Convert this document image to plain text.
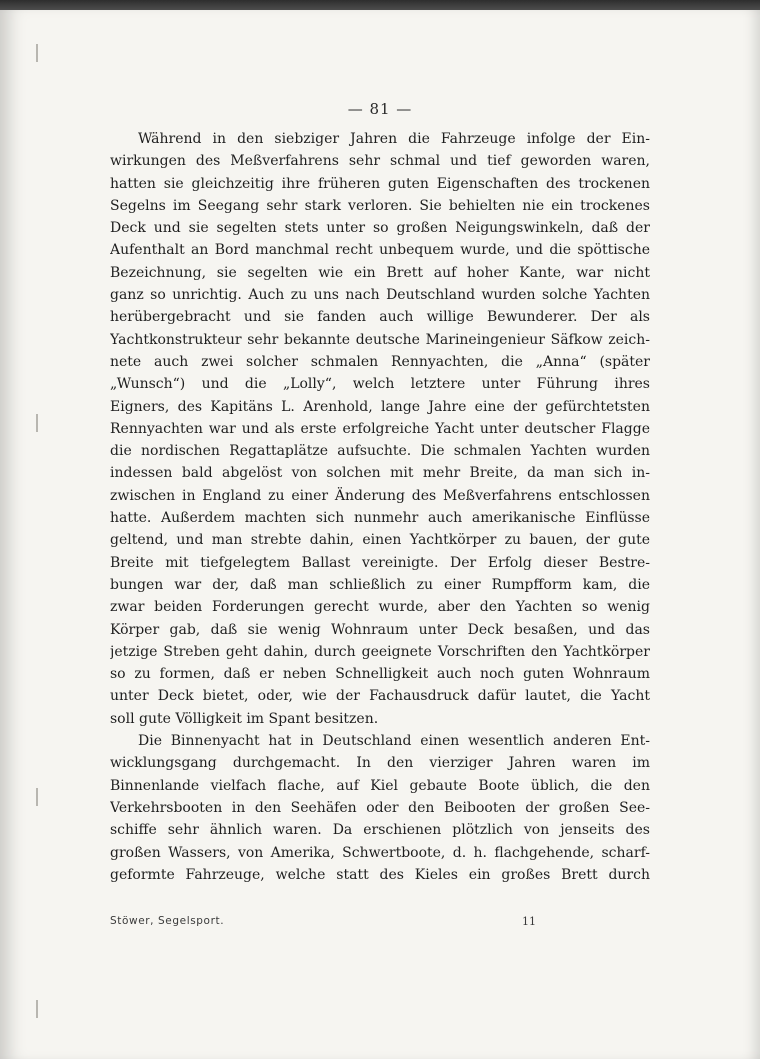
— 81 —
Während in den siebziger Jahren die Fahrzeuge infolge der Ein-
wirkungen des Meßverfahrens sehr schmal und tief geworden waren,
hatten sie gleichzeitig ihre früheren guten Eigenschaften des trockenen
Segelns im Seegang sehr stark verloren. Sie behielten nie ein trockenes
Deck und sie segelten stets unter so großen Neigungswinkeln, daß der
Aufenthalt an Bord manchmal recht unbequem wurde, und die spöttische
Bezeichnung, sie segelten wie ein Brett auf hoher Kante, war nicht
ganz so unrichtig. Auch zu uns nach Deutschland wurden solche Yachten
herübergebracht und sie fanden auch willige Bewunderer. Der als
Yachtkonstrukteur sehr bekannte deutsche Marineingenieur Säfkow zeich-
nete auch zwei solcher schmalen Rennyachten, die „Anna“ (später
„Wunsch“) und die „Lolly“, welch letztere unter Führung ihres
Eigners, des Kapitäns L. Arenhold, lange Jahre eine der gefürchtetsten
Rennyachten war und als erste erfolgreiche Yacht unter deutscher Flagge
die nordischen Regattaplätze aufsuchte. Die schmalen Yachten wurden
indessen bald abgelöst von solchen mit mehr Breite, da man sich in-
zwischen in England zu einer Änderung des Meßverfahrens entschlossen
hatte. Außerdem machten sich nunmehr auch amerikanische Einflüsse
geltend, und man strebte dahin, einen Yachtkörper zu bauen, der gute
Breite mit tiefgelegtem Ballast vereinigte. Der Erfolg dieser Bestre-
bungen war der, daß man schließlich zu einer Rumpfform kam, die
zwar beiden Forderungen gerecht wurde, aber den Yachten so wenig
Körper gab, daß sie wenig Wohnraum unter Deck besaßen, und das
jetzige Streben geht dahin, durch geeignete Vorschriften den Yachtkörper
so zu formen, daß er neben Schnelligkeit auch noch guten Wohnraum
unter Deck bietet, oder, wie der Fachausdruck dafür lautet, die Yacht
soll gute Völligkeit im Spant besitzen.
Die Binnenyacht hat in Deutschland einen wesentlich anderen Ent-
wicklungsgang durchgemacht. In den vierziger Jahren waren im
Binnenlande vielfach flache, auf Kiel gebaute Boote üblich, die den
Verkehrsbooten in den Seehäfen oder den Beibooten der großen See-
schiffe sehr ähnlich waren. Da erschienen plötzlich von jenseits des
großen Wassers, von Amerika, Schwertboote, d. h. flachgehende, scharf-
geformte Fahrzeuge, welche statt des Kieles ein großes Brett durch
Stöwer, Segelsport.	11
